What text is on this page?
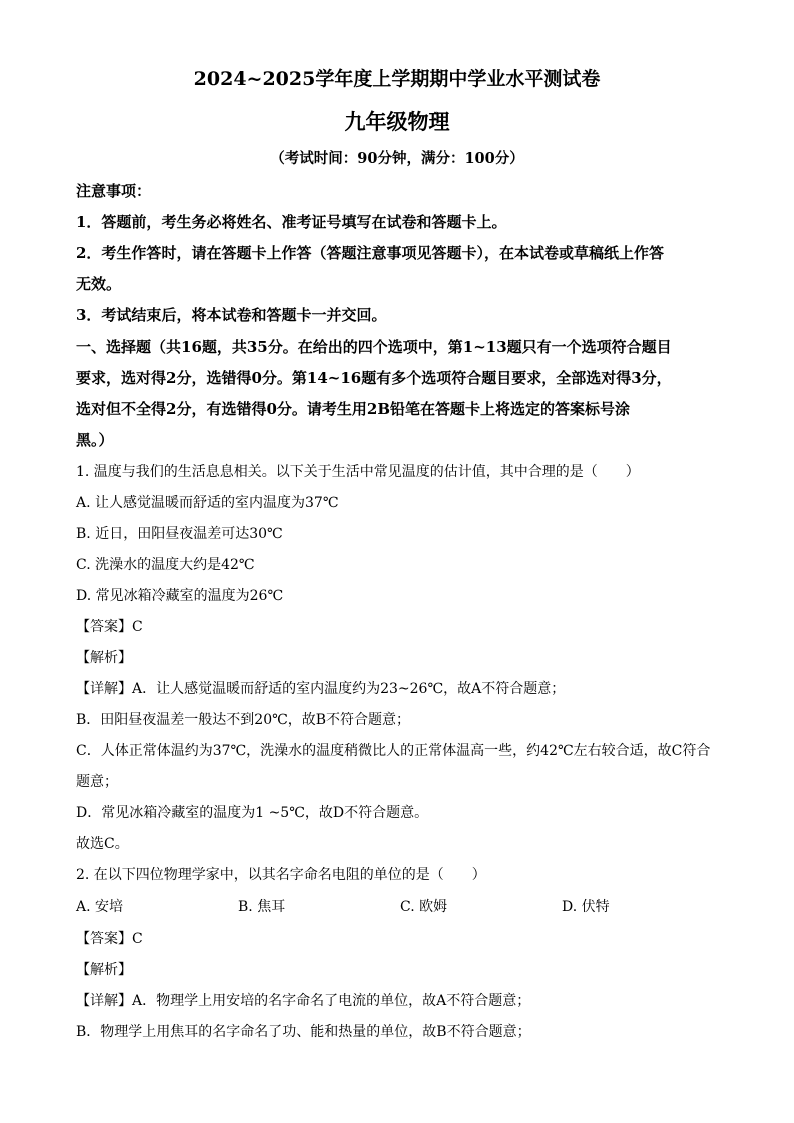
2024~2025学年度上学期期中学业水平测试卷
九年级物理
（考试时间：90分钟，满分：100分）
注意事项：
1．答题前，考生务必将姓名、准考证号填写在试卷和答题卡上。
2．考生作答时，请在答题卡上作答（答题注意事项见答题卡），在本试卷或草稿纸上作答
无效。
3．考试结束后，将本试卷和答题卡一并交回。
一、选择题（共16题，共35分。在给出的四个选项中，第1~13题只有一个选项符合题目
要求，选对得2分，选错得0分。第14~16题有多个选项符合题目要求，全部选对得3分，
选对但不全得2分，有选错得0分。请考生用2B铅笔在答题卡上将选定的答案标号涂
黑。）
1. 温度与我们的生活息息相关。以下关于生活中常见温度的估计值，其中合理的是（　　）
A. 让人感觉温暖而舒适的室内温度为37℃
B. 近日，田阳昼夜温差可达30℃
C. 洗澡水的温度大约是42℃
D. 常见冰箱冷藏室的温度为26℃
【答案】C
【解析】
【详解】A．让人感觉温暖而舒适的室内温度约为23~26℃，故A不符合题意；
B．田阳昼夜温差一般达不到20℃，故B不符合题意；
C．人体正常体温约为37℃，洗澡水的温度稍微比人的正常体温高一些，约42℃左右较合适，故C符合
题意；
D．常见冰箱冷藏室的温度为1 ~5℃，故D不符合题意。
故选C。
2. 在以下四位物理学家中，以其名字命名电阻的单位的是（　　）
A. 安培	B. 焦耳	C. 欧姆	D. 伏特
【答案】C
【解析】
【详解】A．物理学上用安培的名字命名了电流的单位，故A不符合题意；
B．物理学上用焦耳的名字命名了功、能和热量的单位，故B不符合题意；
